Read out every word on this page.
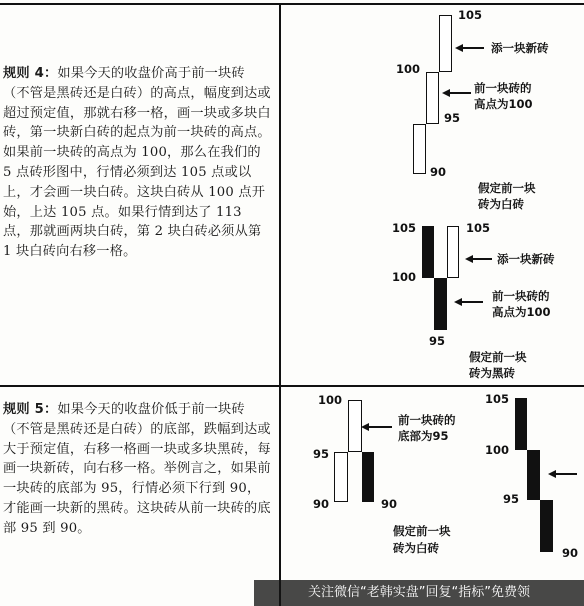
规则 4：如果今天的收盘价高于前一块砖（不管是黑砖还是白砖）的高点，幅度到达或超过预定值，那就右移一格，画一块或多块白砖，第一块新白砖的起点为前一块砖的高点。如果前一块砖的高点为 100，那么在我们的 5 点砖形图中，行情必须到达 105 点或以上，才会画一块白砖。这块白砖从 100 点开始，上达 105 点。如果行情到达了 113 点，那就画两块白砖，第 2 块白砖必须从第 1 块白砖向右移一格。
规则 5：如果今天的收盘价低于前一块砖（不管是黑砖还是白砖）的底部，跌幅到达或大于预定值，右移一格画一块或多块黑砖，每画一块新砖，向右移一格。举例言之，如果前一块砖的底部为 95，行情必须下行到 90，才能画一块新的黑砖。这块砖从前一块砖的底部 95 到 90。
105
100
95
90
添一块新砖
前一块砖的
高点为100
假定前一块
砖为白砖
105	105
100
95
添一块新砖
前一块砖的
高点为100
假定前一块
砖为黑砖
100
95
90	90
前一块砖的
底部为95
假定前一块
砖为白砖
105
100
95
90
关注微信“老韩实盘”回复“指标”免费领
